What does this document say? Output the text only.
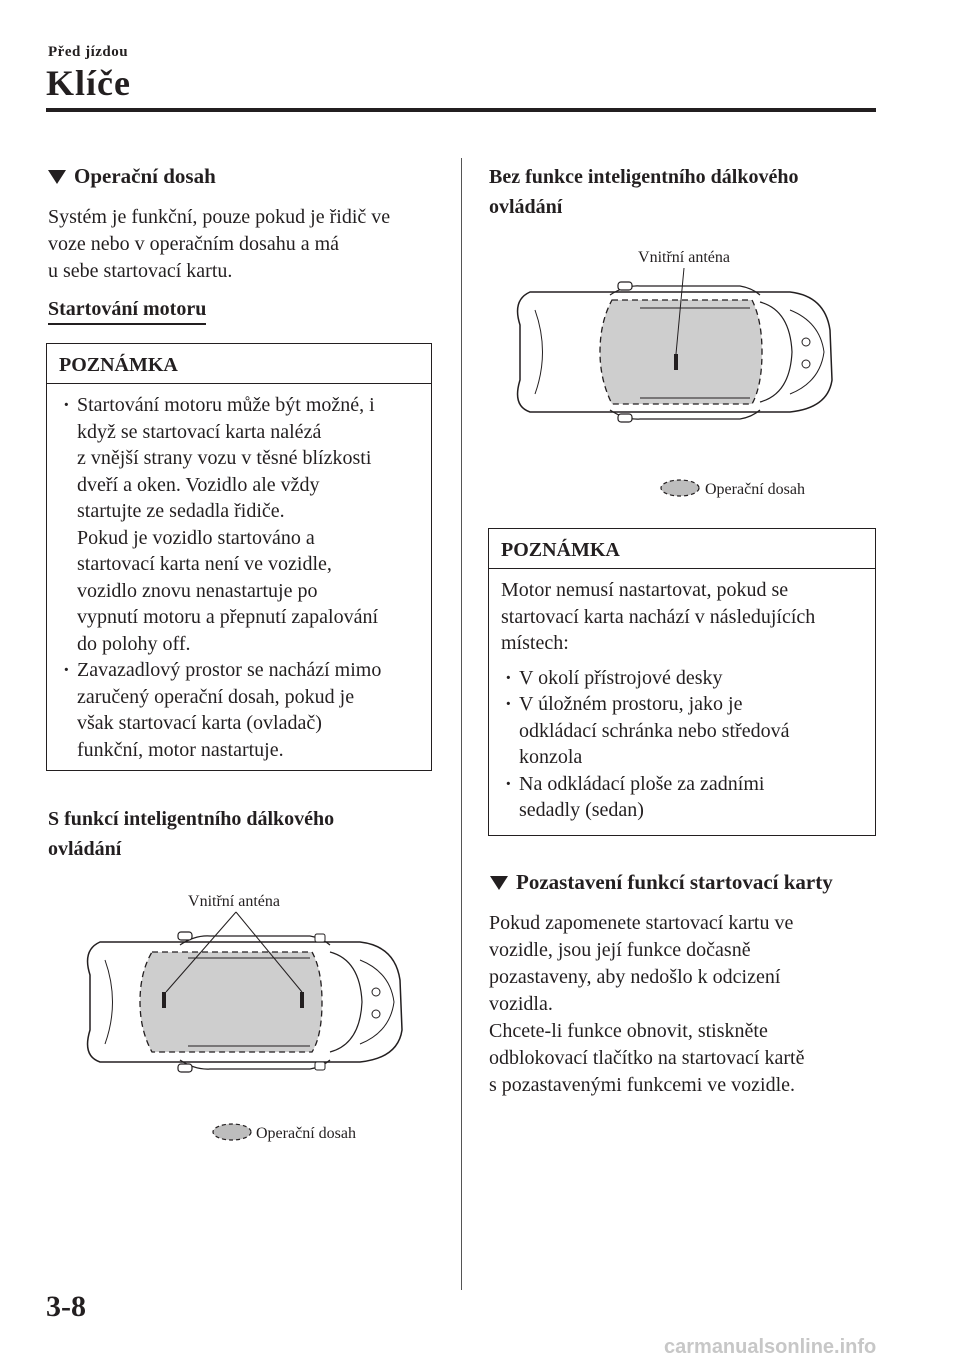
Před jízdou
Klíče
Operační dosah
Systém je funkční, pouze pokud je řidič ve
voze nebo v operačním dosahu a má
u sebe startovací kartu.
Startování motoru
POZNÁMKA
· Startování motoru může být možné, i
když se startovací karta nalézá
z vnější strany vozu v těsné blízkosti
dveří a oken. Vozidlo ale vždy
startujte ze sedadla řidiče.
Pokud je vozidlo startováno a
startovací karta není ve vozidle,
vozidlo znovu nenastartuje po
vypnutí motoru a přepnutí zapalování
do polohy off.
· Zavazadlový prostor se nachází mimo
zaručený operační dosah, pokud je
však startovací karta (ovladač)
funkční, motor nastartuje.
S funkcí inteligentního dálkového
ovládání
Vnitřní anténa
Operační dosah
Bez funkce inteligentního dálkového
ovládání
Vnitřní anténa
Operační dosah
POZNÁMKA
Motor nemusí nastartovat, pokud se
startovací karta nachází v následujících
místech:
· V okolí přístrojové desky
· V úložném prostoru, jako je
odkládací schránka nebo středová
konzola
· Na odkládací ploše za zadními
sedadly (sedan)
Pozastavení funkcí startovací karty
Pokud zapomenete startovací kartu ve
vozidle, jsou její funkce dočasně
pozastaveny, aby nedošlo k odcizení
vozidla.
Chcete-li funkce obnovit, stiskněte
odblokovací tlačítko na startovací kartě
s pozastavenými funkcemi ve vozidle.
3-8
carmanualsonline.info
